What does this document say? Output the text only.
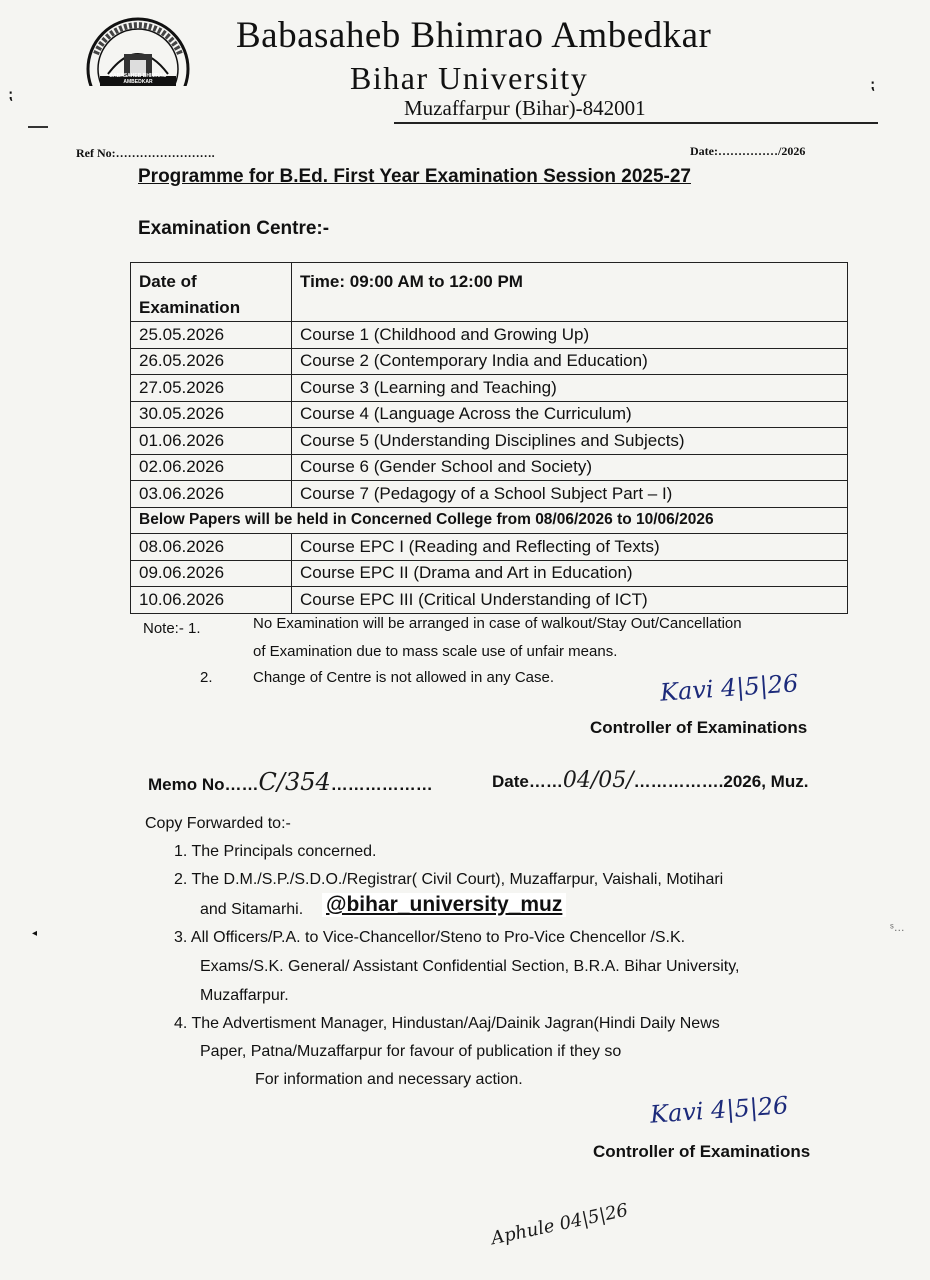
BABASAHEB BHIMRAO AMBEDKAR
Babasaheb Bhimrao Ambedkar
Bihar University
Muzaffarpur (Bihar)-842001
⁏
⁏
Ref No:…………………….	Date:……………/2026
Programme for B.Ed. First Year Examination Session 2025-27
Examination Centre:-
Date of Examination	Time: 09:00 AM to 12:00 PM
25.05.2026	Course 1 (Childhood and Growing Up)
26.05.2026	Course 2 (Contemporary India and Education)
27.05.2026	Course 3 (Learning and Teaching)
30.05.2026	Course 4 (Language Across the Curriculum)
01.06.2026	Course 5 (Understanding Disciplines and Subjects)
02.06.2026	Course 6 (Gender School and Society)
03.06.2026	Course 7 (Pedagogy of a School Subject Part – I)
Below Papers will be held in Concerned College from 08/06/2026 to 10/06/2026	
08.06.2026	Course EPC I (Reading and Reflecting of Texts)
09.06.2026	Course EPC II (Drama and Art in Education)
10.06.2026	Course EPC III (Critical Understanding of ICT)
Note:- 1.	No Examination will be arranged in case of walkout/Stay Out/Cancellation
of Examination due to mass scale use of unfair means.
2.	Change of Centre is not allowed in any Case.	Kavi 4|5|26
Controller of Examinations
Memo No……C/354………………	Date……04/05/…………….2026, Muz.
Copy Forwarded to:-
1. The Principals concerned.
2. The D.M./S.P./S.D.O./Registrar( Civil Court), Muzaffarpur, Vaishali, Motihari
and Sitamarhi. @bihar_university_muz
3. All Officers/P.A. to Vice-Chancellor/Steno to Pro-Vice Chencellor /S.K.
Exams/S.K. General/ Assistant Confidential Section, B.R.A. Bihar University,
Muzaffarpur.
4. The Advertisment Manager, Hindustan/Aaj/Dainik Jagran(Hindi Daily News
Paper, Patna/Muzaffarpur for favour of publication if they so
For information and necessary action.
Kavi 4|5|26
Controller of Examinations
Aphule 04|5|26
◂	ˢ…
